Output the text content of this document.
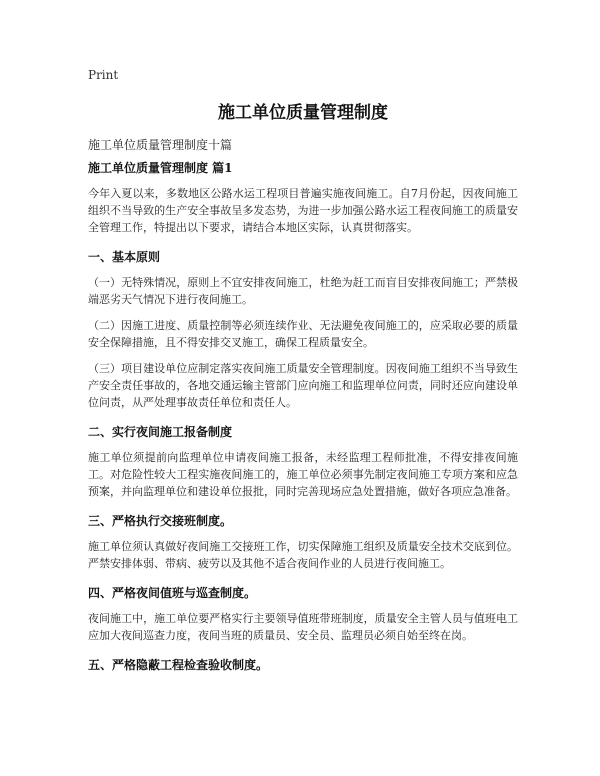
Print
施工单位质量管理制度
施工单位质量管理制度十篇
施工单位质量管理制度 篇1

今年入夏以来，多数地区公路水运工程项目普遍实施夜间施工。自7月份起，因夜间施工组织不当导致的生产安全事故呈多发态势，为进一步加强公路水运工程夜间施工的质量安全管理工作，特提出以下要求，请结合本地区实际，认真贯彻落实。

一、基本原则

（一）无特殊情况，原则上不宜安排夜间施工，杜绝为赶工而盲目安排夜间施工；严禁极端恶劣天气情况下进行夜间施工。

（二）因施工进度、质量控制等必须连续作业、无法避免夜间施工的，应采取必要的质量安全保障措施，且不得安排交叉施工，确保工程质量安全。

（三）项目建设单位应制定落实夜间施工质量安全管理制度。因夜间施工组织不当导致生产安全责任事故的，各地交通运输主管部门应向施工和监理单位问责，同时还应向建设单位问责，从严处理事故责任单位和责任人。

二、实行夜间施工报备制度

施工单位须提前向监理单位申请夜间施工报备，未经监理工程师批准，不得安排夜间施工。对危险性较大工程实施夜间施工的，施工单位必须事先制定夜间施工专项方案和应急预案，并向监理单位和建设单位报批，同时完善现场应急处置措施，做好各项应急准备。

三、严格执行交接班制度。

施工单位须认真做好夜间施工交接班工作，切实保障施工组织及质量安全技术交底到位。严禁安排体弱、带病、疲劳以及其他不适合夜间作业的人员进行夜间施工。

四、严格夜间值班与巡查制度。

夜间施工中，施工单位要严格实行主要领导值班带班制度，质量安全主管人员与值班电工应加大夜间巡查力度，夜间当班的质量员、安全员、监理员必须自始至终在岗。

五、严格隐蔽工程检查验收制度。
